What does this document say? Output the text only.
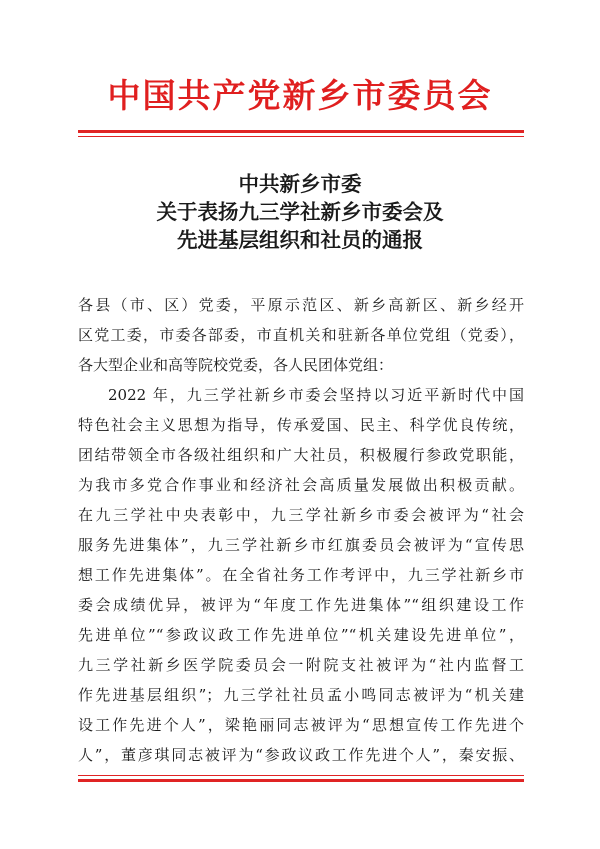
中国共产党新乡市委员会
中共新乡市委
关于表扬九三学社新乡市委会及
先进基层组织和社员的通报
各县（市、区）党委，平原示范区、新乡高新区、新乡经开
区党工委，市委各部委，市直机关和驻新各单位党组（党委），
各大型企业和高等院校党委，各人民团体党组：
2022 年，九三学社新乡市委会坚持以习近平新时代中国
特色社会主义思想为指导，传承爱国、民主、科学优良传统，
团结带领全市各级社组织和广大社员，积极履行参政党职能，
为我市多党合作事业和经济社会高质量发展做出积极贡献。
在九三学社中央表彰中，九三学社新乡市委会被评为“社会
服务先进集体”，九三学社新乡市红旗委员会被评为“宣传思
想工作先进集体”。在全省社务工作考评中，九三学社新乡市
委会成绩优异，被评为“年度工作先进集体”“组织建设工作
先进单位”“参政议政工作先进单位”“机关建设先进单位”，
九三学社新乡医学院委员会一附院支社被评为“社内监督工
作先进基层组织”；九三学社社员孟小鸣同志被评为“机关建
设工作先进个人”，梁艳丽同志被评为“思想宣传工作先进个
人”，董彦琪同志被评为“参政议政工作先进个人”，秦安振、
